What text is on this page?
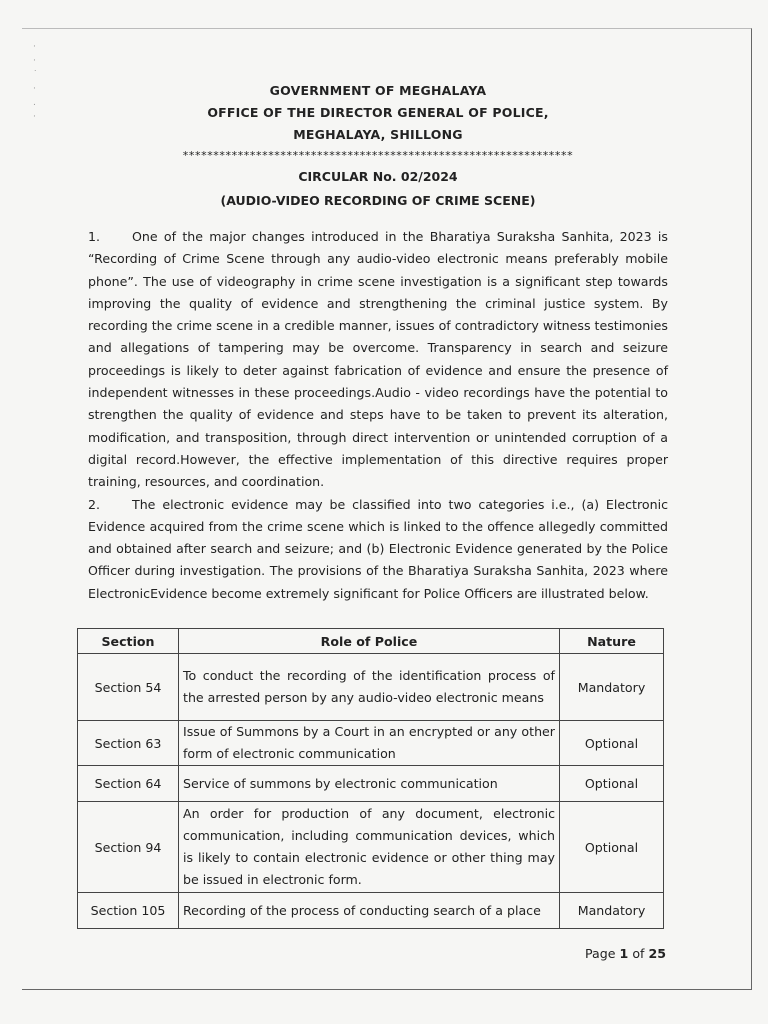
·
·
˙
·
.
·
GOVERNMENT OF MEGHALAYA
OFFICE OF THE DIRECTOR GENERAL OF POLICE,
MEGHALAYA, SHILLONG
****************************************************************
CIRCULAR No. 02/2024
(AUDIO-VIDEO RECORDING OF CRIME SCENE)

1.	One of the major changes introduced in the Bharatiya Suraksha Sanhita, 2023 is “Recording of Crime Scene through any audio-video electronic means preferably mobile phone”. The use of videography in crime scene investigation is a significant step towards improving the quality of evidence and strengthening the criminal justice system. By recording the crime scene in a credible manner, issues of contradictory witness testimonies and allegations of tampering may be overcome. Transparency in search and seizure proceedings is likely to deter against fabrication of evidence and ensure the presence of independent witnesses in these proceedings.Audio - video recordings have the potential to strengthen the quality of evidence and steps have to be taken to prevent its alteration, modification, and transposition, through direct intervention or unintended corruption of a digital record.However, the effective implementation of this directive requires proper training, resources, and coordination.

2.	The electronic evidence may be classified into two categories i.e., (a) Electronic Evidence acquired from the crime scene which is linked to the offence allegedly committed and obtained after search and seizure; and (b) Electronic Evidence generated by the Police Officer during investigation. The provisions of the Bharatiya Suraksha Sanhita, 2023 where ElectronicEvidence become extremely significant for Police Officers are illustrated below.

Section	Role of Police	Nature
Section 54	To conduct the recording of the identification process of the arrested person by any audio-video electronic means	Mandatory
Section 63	Issue of Summons by a Court in an encrypted or any other form of electronic communication	Optional
Section 64	Service of summons by electronic communication	Optional
Section 94	An order for production of any document, electronic communication, including communication devices, which is likely to contain electronic evidence or other thing may be issued in electronic form.	Optional
Section 105	Recording of the process of conducting search of a place	Mandatory
Page 1 of 25
